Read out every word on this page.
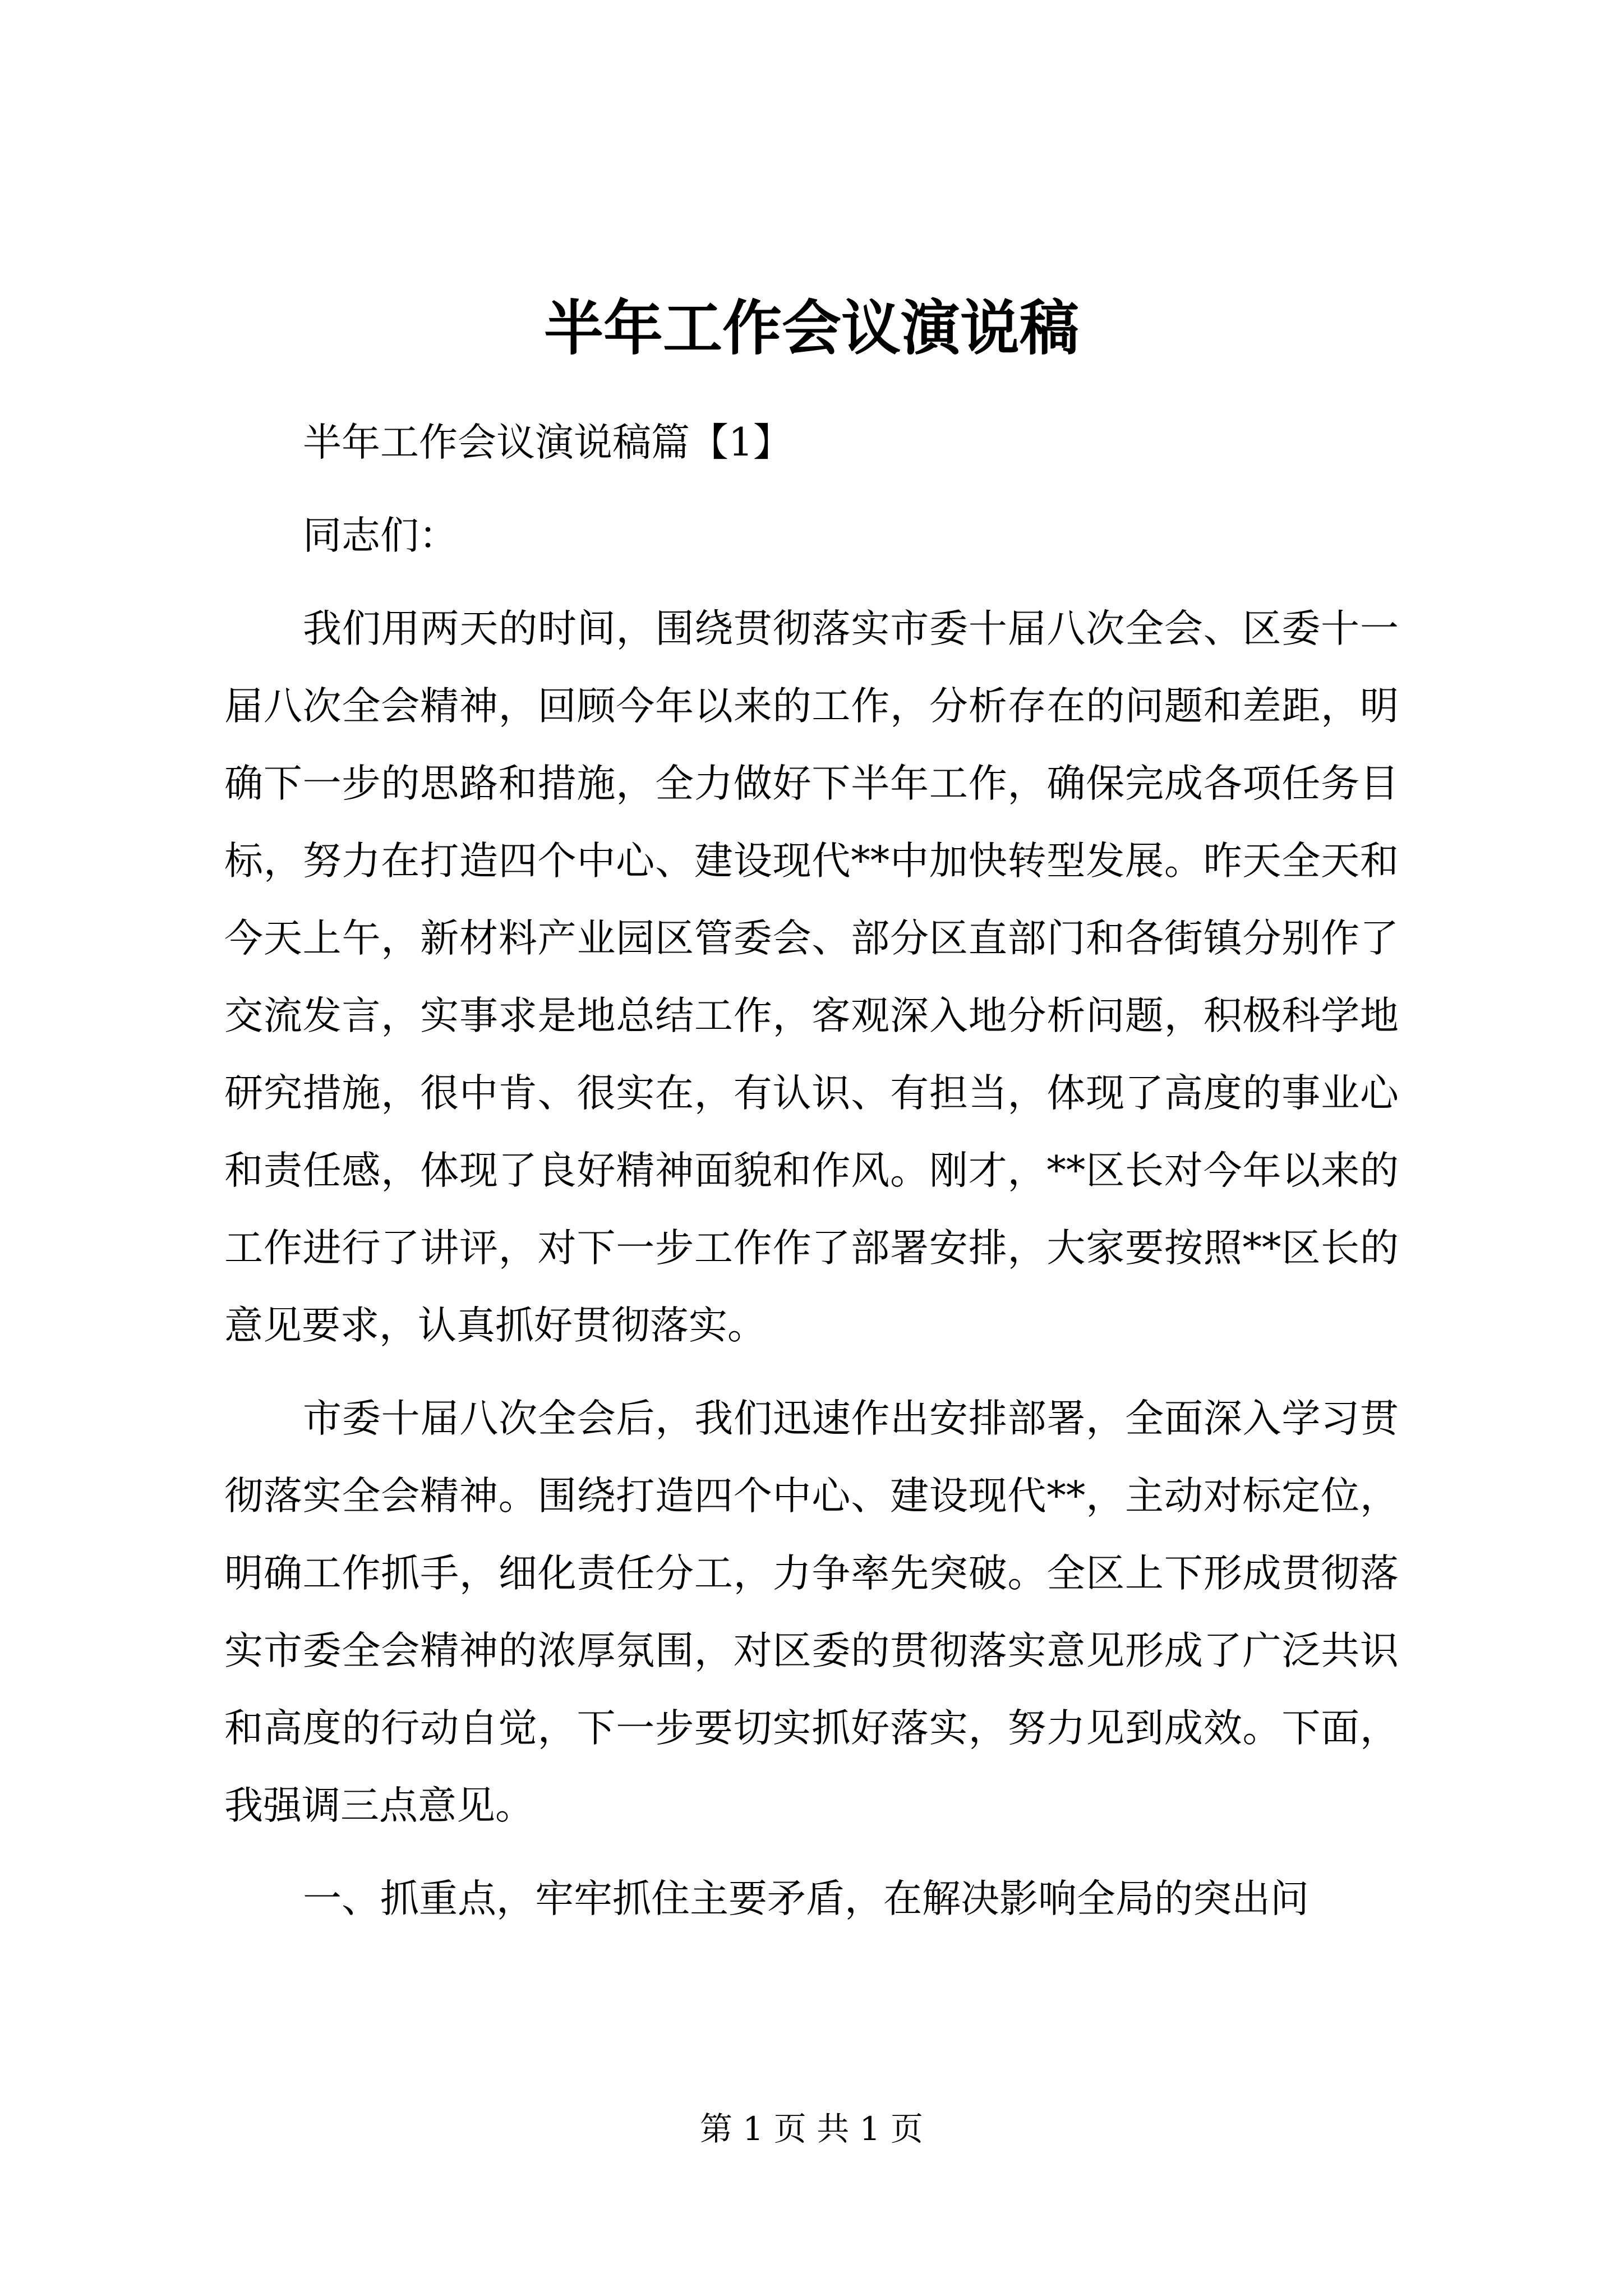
半年工作会议演说稿

半年工作会议演说稿篇【1】

同志们：

我们用两天的时间，围绕贯彻落实市委十届八次全会、区委十一届八次全会精神，回顾今年以来的工作，分析存在的问题和差距，明确下一步的思路和措施，全力做好下半年工作，确保完成各项任务目标，努力在打造四个中心、建设现代**中加快转型发展。昨天全天和今天上午，新材料产业园区管委会、部分区直部门和各街镇分别作了交流发言，实事求是地总结工作，客观深入地分析问题，积极科学地研究措施，很中肯、很实在，有认识、有担当，体现了高度的事业心和责任感，体现了良好精神面貌和作风。刚才，**区长对今年以来的工作进行了讲评，对下一步工作作了部署安排，大家要按照**区长的意见要求，认真抓好贯彻落实。

市委十届八次全会后，我们迅速作出安排部署，全面深入学习贯彻落实全会精神。围绕打造四个中心、建设现代**，主动对标定位，明确工作抓手，细化责任分工，力争率先突破。全区上下形成贯彻落实市委全会精神的浓厚氛围，对区委的贯彻落实意见形成了广泛共识和高度的行动自觉，下一步要切实抓好落实，努力见到成效。下面，我强调三点意见。

一、抓重点，牢牢抓住主要矛盾，在解决影响全局的突出问

第 1 页 共 1 页
